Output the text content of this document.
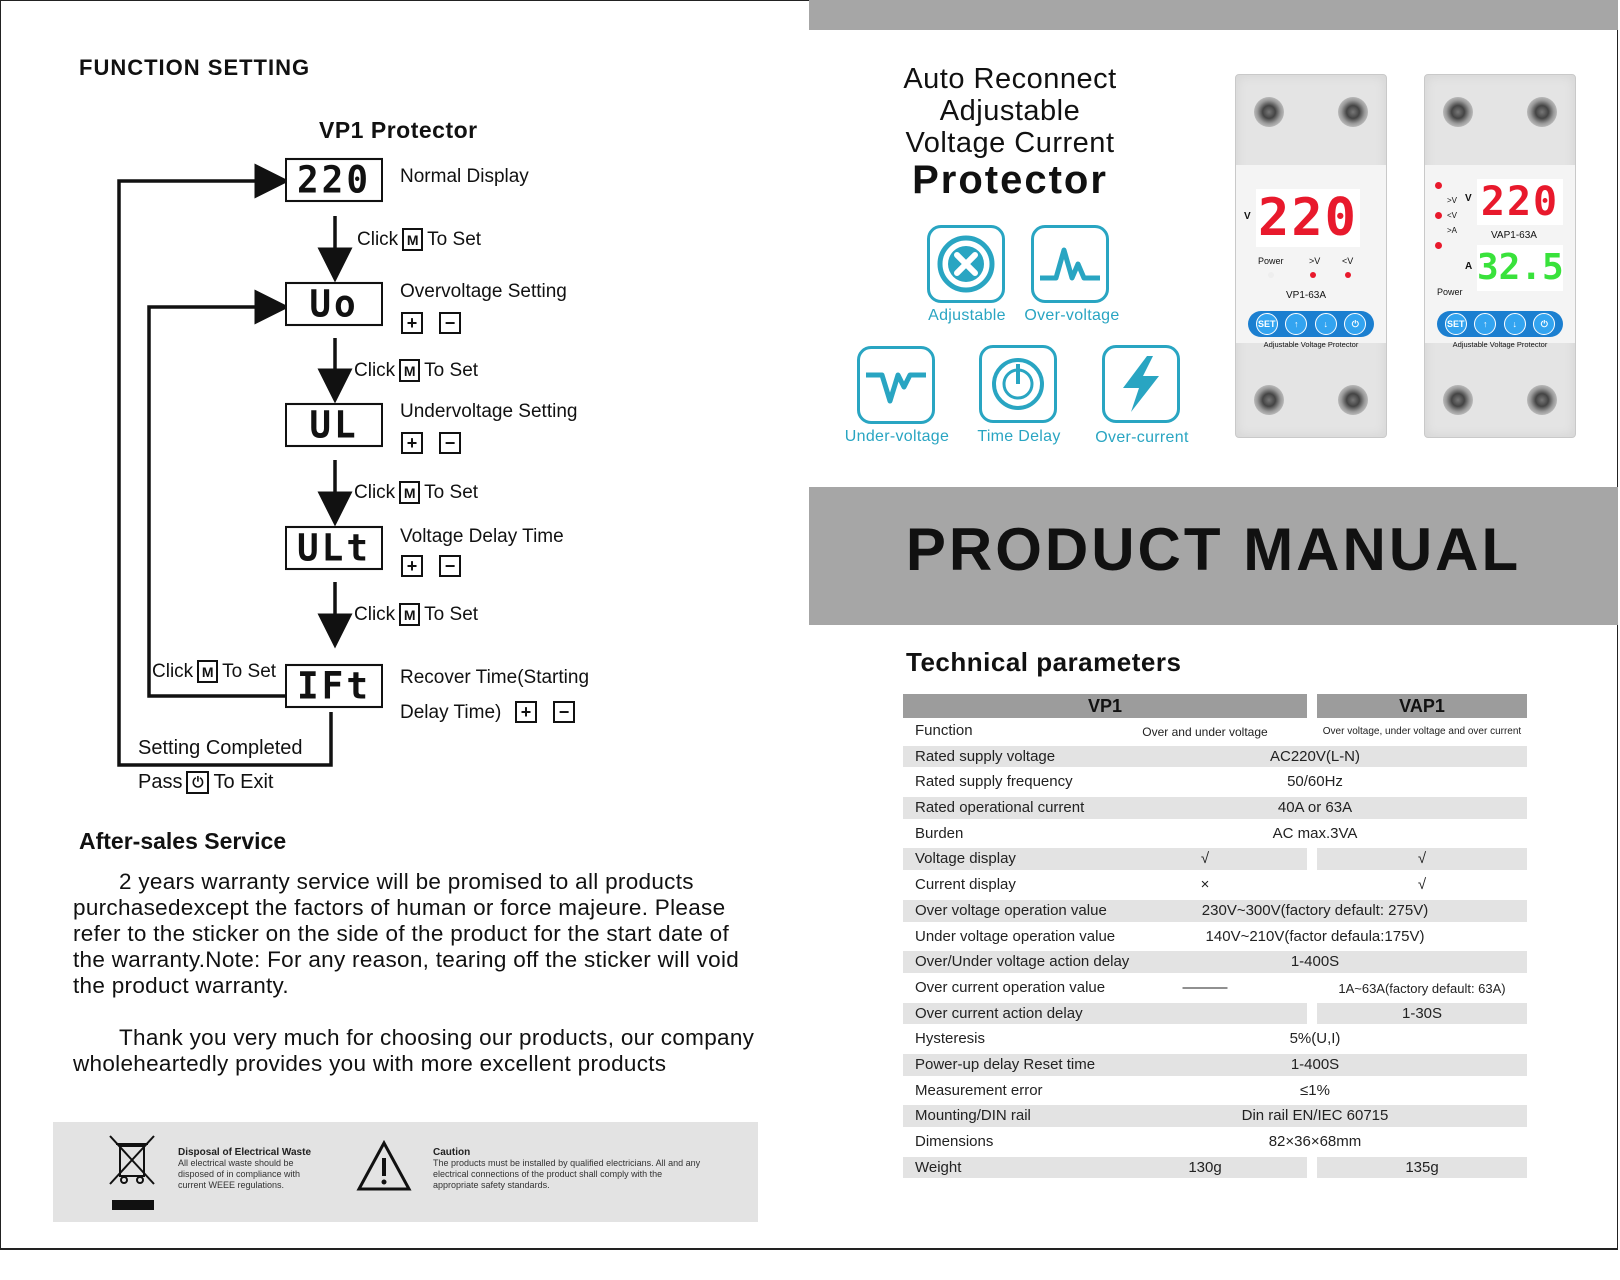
FUNCTION SETTING
VP1 Protector
220
Uo
UL
ULt
IFt
Normal Display
Overvoltage Setting
Undervoltage Setting
Voltage Delay Time
Recover Time(Starting
Delay Time)
+	−
+	−
+	−
+	−
Click M To Set
Click M To Set
Click M To Set
Click M To Set
Click M To Set
Setting Completed
Pass ⏻ To Exit
After-sales Service
2 years warranty service will be promised to all products purchasedexcept the factors of human or force majeure. Please refer to the sticker on the side of the product for the start date of the warranty.Note: For any reason, tearing off the sticker will void the product warranty.
Thank you very much for choosing our products, our company wholeheartedly provides you with more excellent products
Disposal of Electrical Waste
All electrical waste should be disposed of in compliance with current WEEE regulations.
Caution
The products must be installed by qualified electricians. All and any electrical connections of the product shall comply with the appropriate safety standards.
Auto Reconnect
Adjustable
Voltage Current
Protector
Adjustable	Over-voltage
Under-voltage	Time Delay	Over-current
V 220
Power	>V <V
VP1-63A
SET	↑	↓	⏻
Adjustable Voltage Protector
>V
<V
>A
V
A
220
VAP1-63A
32.5
Power
SET	↑	↓	⏻
Adjustable Voltage Protector
PRODUCT MANUAL
Technical parameters
VP1	VAP1
Function	Over and under voltage	Over voltage, under voltage and over current
Rated supply voltage	AC220V(L-N)
Rated supply frequency	50/60Hz
Rated operational current	40A or 63A
Burden	AC max.3VA
Voltage display	√	√
Current display	×	√
Over voltage operation value	230V~300V(factory default: 275V)
Under voltage operation value	140V~210V(factor defaula:175V)
Over/Under voltage action delay	1-400S
Over current operation value	———	1A~63A(factory default: 63A)
Over current action delay	1-30S
Hysteresis	5%(U,I)
Power-up delay Reset time	1-400S
Measurement error	≤1%
Mounting/DIN rail	Din rail EN/IEC 60715
Dimensions	82×36×68mm
Weight	130g	135g
